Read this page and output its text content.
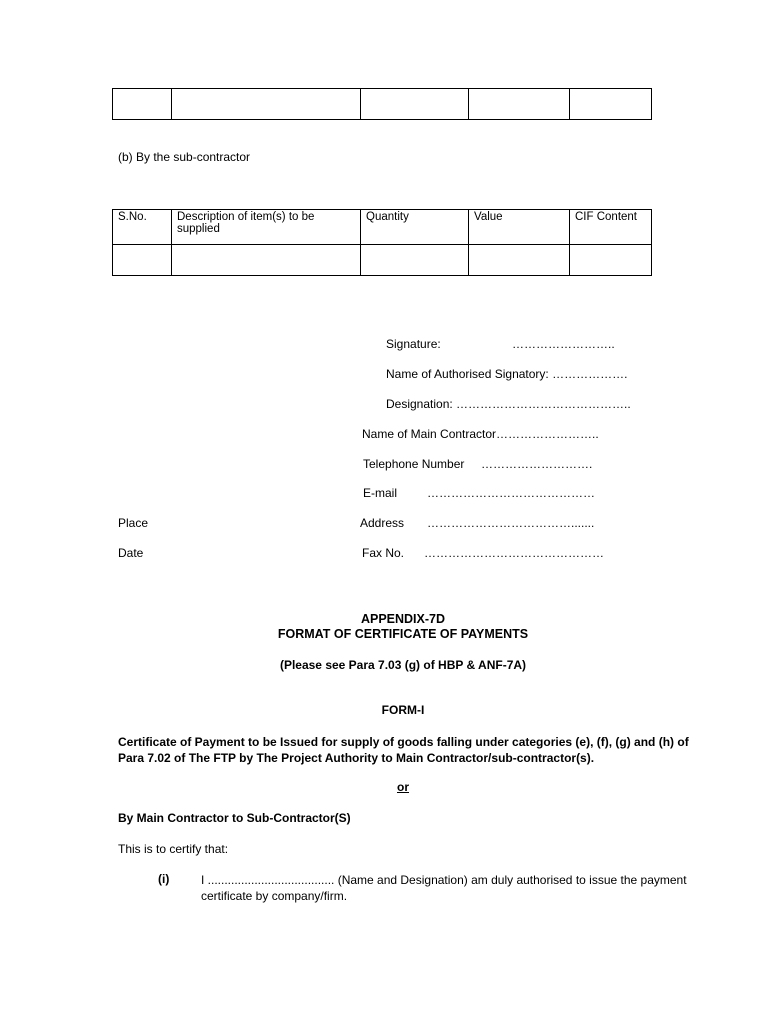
(b) By the sub-contractor
S.No.	Description of item(s) to be supplied	Quantity	Value	CIF Content

Signature:	……………………..
Name of Authorised Signatory: ……………….
Designation: ……………………………………..
Name of Main Contractor……………………..
Telephone Number ……………………….
E-mail ……………………………………
Place	Address ……………………………….......
Date	Fax No. ………………………………………
APPENDIX-7D
FORMAT OF CERTIFICATE OF PAYMENTS
(Please see Para 7.03 (g) of HBP & ANF-7A)
FORM-I
Certificate of Payment to be Issued for supply of goods falling under categories (e), (f), (g) and (h) of Para 7.02 of The FTP by The Project Authority to Main Contractor/sub-contractor(s).
or
By Main Contractor to Sub-Contractor(S)
This is to certify that:
(i)	I ...................................... (Name and Designation) am duly authorised to issue the payment certificate by company/firm.
